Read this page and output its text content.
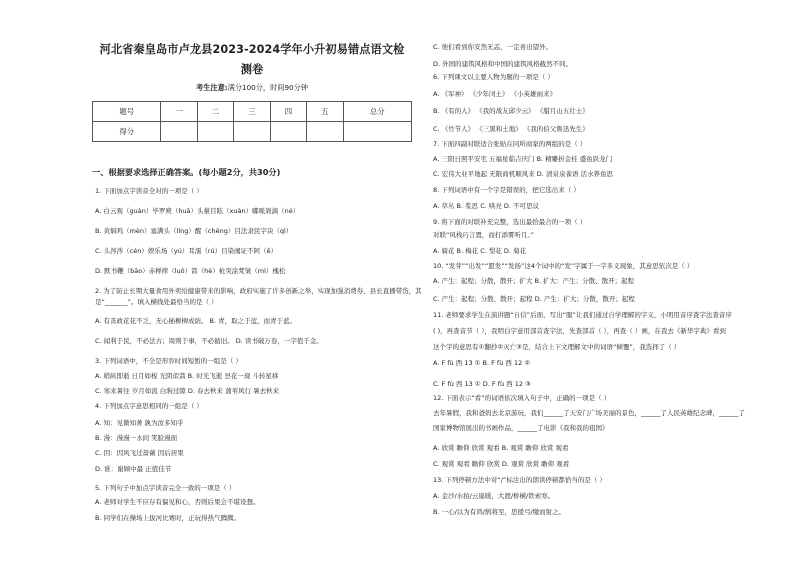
河北省秦皇岛市卢龙县2023-2024学年小升初易错点语文检
测卷
考生注意:满分100分，时间90分钟
题号	一	二	三	四	五	总分
得分						
一、根据要求选择正确答案。(每小题2分，共30分)
1. 下面加点字读音全对的一项是（ ）
A. 白云观（guàn）毕罗庾（huā）头暈目眩（xuàn）嘟哌剁滴（né）
B. 黄焖鸡（mèn）塞满头（líng）醒（chěng）目法隶民字诀（qì）
C. 头涔涔（cén）娱乐场（yú）耳濡（rú）目染闹证不阿（ē）
D. 默书鞭（bāo）赤榉摔（luō）箭（hè）枪突涂梵皱（mì）槐松
2. 为了防止长期大量食用外卖给健康带来的影响，政府实施了许多创新之举，实现加强消费券、县长直播带货，其
是“_______”。填入横线处最恰当的是（ ）
A. 有善政花花不乏，无心插柳柳成荫。 B. 青，取之于蓝，而青于蓝。
C. 闻利于民，不必法古；周则于事，不必循旧。 D. 读书破万卷，一字值千金。
3. 下列词语中，不全是形容时间短暂的一组是（ ）
A. 稍纵即逝 日月如梭 光阴似箭 B. 时光飞逝 昙花一现 斗转星移
C. 寒来暑往 岁月如流 白驹过隙 D. 春去秋来 蒲苇风行 暑去秋来
4. 下列加点字意思相同的一组是（ ）
A. 知：见微知著 孰为汝多知乎
B. 漫：漫漫一水间 笑脸漫面
C. 因：因风飞过蔷薇 因后居果
D. 谁：谢顾中最 正值佳节
5. 下列句子中加点字读音完全一致的一项是（ ）
A. 老师对学生不应存有偏见和心，否则后果会不堪设想。
B. 同学们在操场上拔河比赛时，正玩得热气腾腾。
C. 他们看到你安然无恙，一定喜出望外。
D. 外国的建筑风格和中国的建筑风格截然不同。
6. 下列课文以主要人物为题的一项是（ ）
A. 《军神》 《少年闰土》 《小英雄雨来》
B. 《有的人》 《我的战友邱少云》 《腊月山五壮士》
C. 《竹节人》 《三黑和土地》 《我的伯父鲁迅先生》
7. 下面四副对联适合张贴在同所商家的两组的是（ ）
A. 三阳日照平安宅 五福星临吉庆门 B. 精雕折金桂 盛鱼跃龙门
C. 宏伟大业平地起 无限商机顺风来 D. 清泉泉雀语 活水养鱼思
8. 下列词语中有一个字是错误的，把它选出来（ ）
A. 草丛 B. 浆思 C. 哄亮 D. 不可思议
9. 将下面的对联补充完整，选出最恰最合的一项（ ）
对联“风栈巧言置，而打添雾听月。”
A. 骑花 B. 梅花 C. 梨花 D. 菊花
10. “发芽”“出发”“愿发”“发扬”这4个词中的“发”字属于一字多义现象，其意思依次是（ ）
A. 产生：起程；分散，散开；扩大 B. 扩大：产生；分散、散开；起程
C. 产生：起程；分散、散开；起程 D. 产生：扩大；分散，散开；起程
11. 老师要求学生在演讲题“自信”后面，写出“服”让我们通过自学理解的字义，小明用音序查字法查音序
( )，再查音节（ ），我明白字意用部首查字法，先查部首（ ），再查（ ）画，在我去《新华字典》看到
这个字的意思有①翻抄②灭亡③是，结合上下文理解文中的词语“倾覆”，我选择了（ ）
A. F fù 西 13 ① B. F fù 西 12 ②
C. F fù 西 13 ① D. F fù 西 12 ③
12. 下面表示“看”的词语依次填入句子中，正确的一项是（ ）
去年暑假，我和爸妈去北京游玩，我们______了天安门广场美丽的景色，______了人民英雄纪念碑，______了
国家博物馆展出的书画作品，______了电影《我和我的祖国》
A. 欣赏 瞻仰 欣赏 观看 B. 观赏 瞻仰 欣赏 观看
C. 观赏 观看 瞻仰 欣赏 D. 观赏 欣赏 瞻仰 观看
13. 下列停顿方法中对“/”标注出的朗读停顿都恰当的是（ ）
A. 金沙/水拍/云崖暖，大渡/桥横/铁索寒。
B. 一心/以为有鸿/鹄将至，思援弓/缴而射之。
